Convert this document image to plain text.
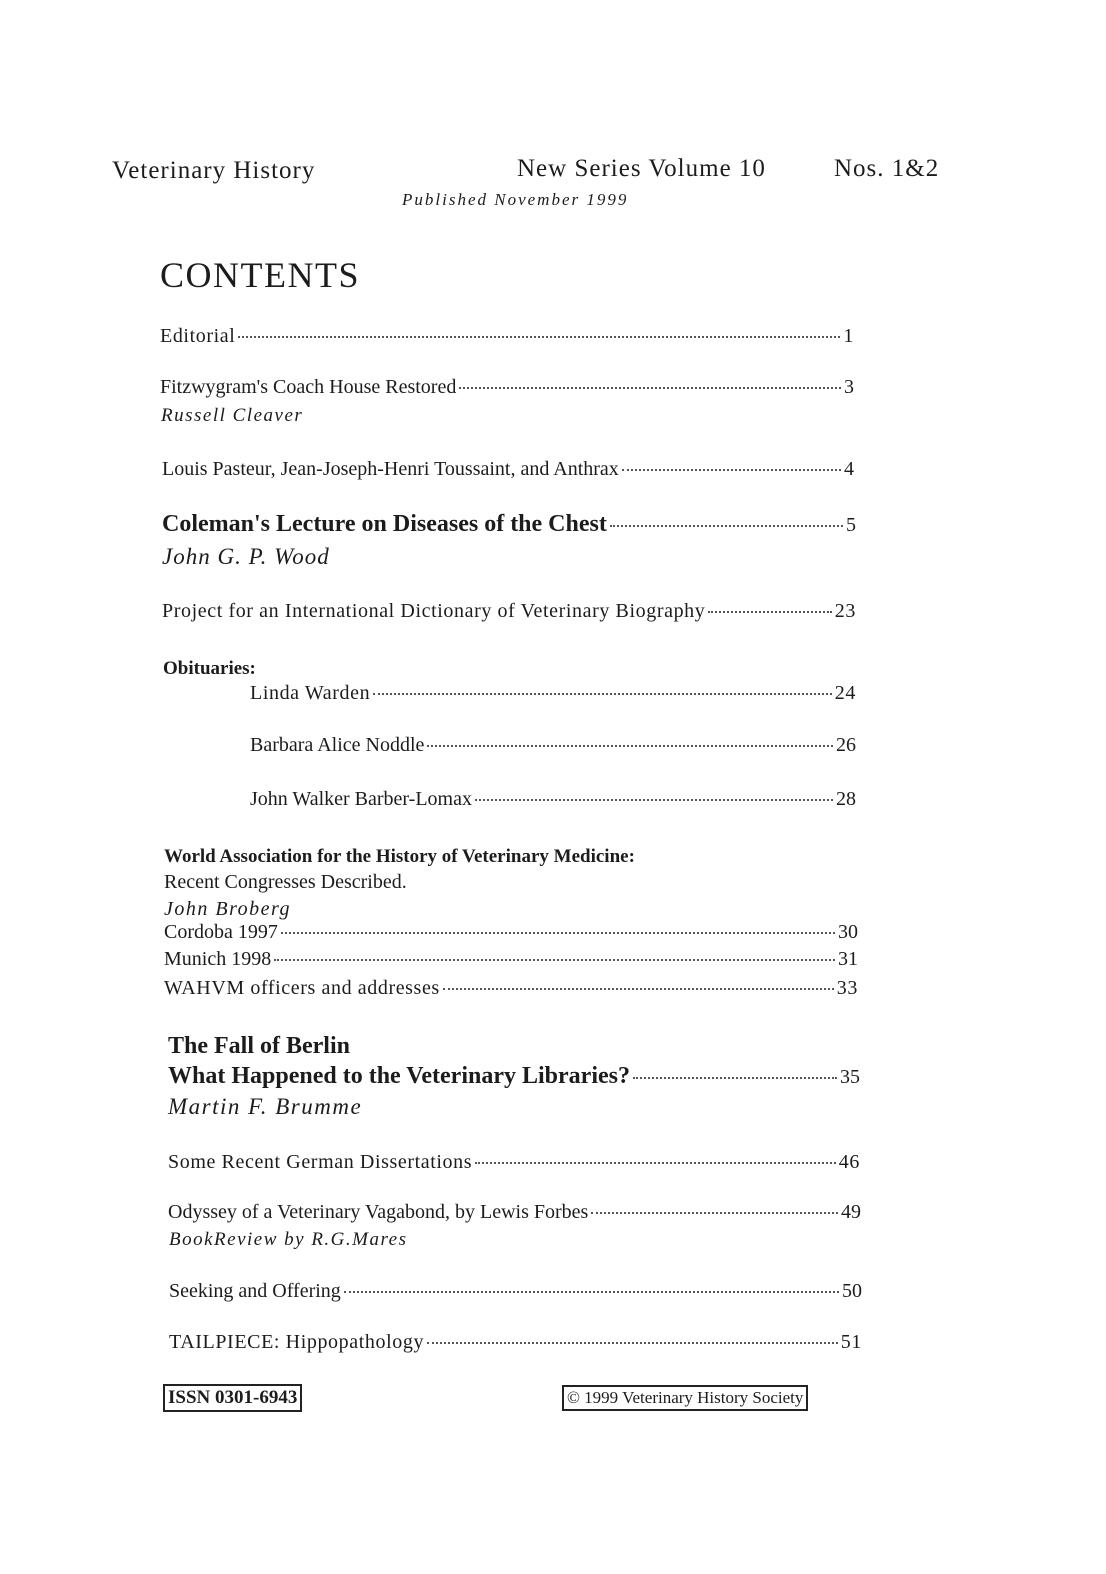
Veterinary History	New Series Volume 10	Nos. 1&2
Published November 1999
CONTENTS
Editorial	1
Fitzwygram's Coach House Restored	3
Russell Cleaver
Louis Pasteur, Jean-Joseph-Henri Toussaint, and Anthrax	4
Coleman's Lecture on Diseases of the Chest	5
John G. P. Wood
Project for an International Dictionary of Veterinary Biography	23
Obituaries:
Linda Warden	24
Barbara Alice Noddle	26
John Walker Barber-Lomax	28
World Association for the History of Veterinary Medicine:
Recent Congresses Described.
John Broberg
Cordoba 1997	30
Munich 1998	31
WAHVM officers and addresses	33
The Fall of Berlin
What Happened to the Veterinary Libraries?	35
Martin F. Brumme
Some Recent German Dissertations	46
Odyssey of a Veterinary Vagabond, by Lewis Forbes	49
BookReview by R.G.Mares
Seeking and Offering	50
TAILPIECE: Hippopathology	51
ISSN 0301-6943	© 1999 Veterinary History Society
